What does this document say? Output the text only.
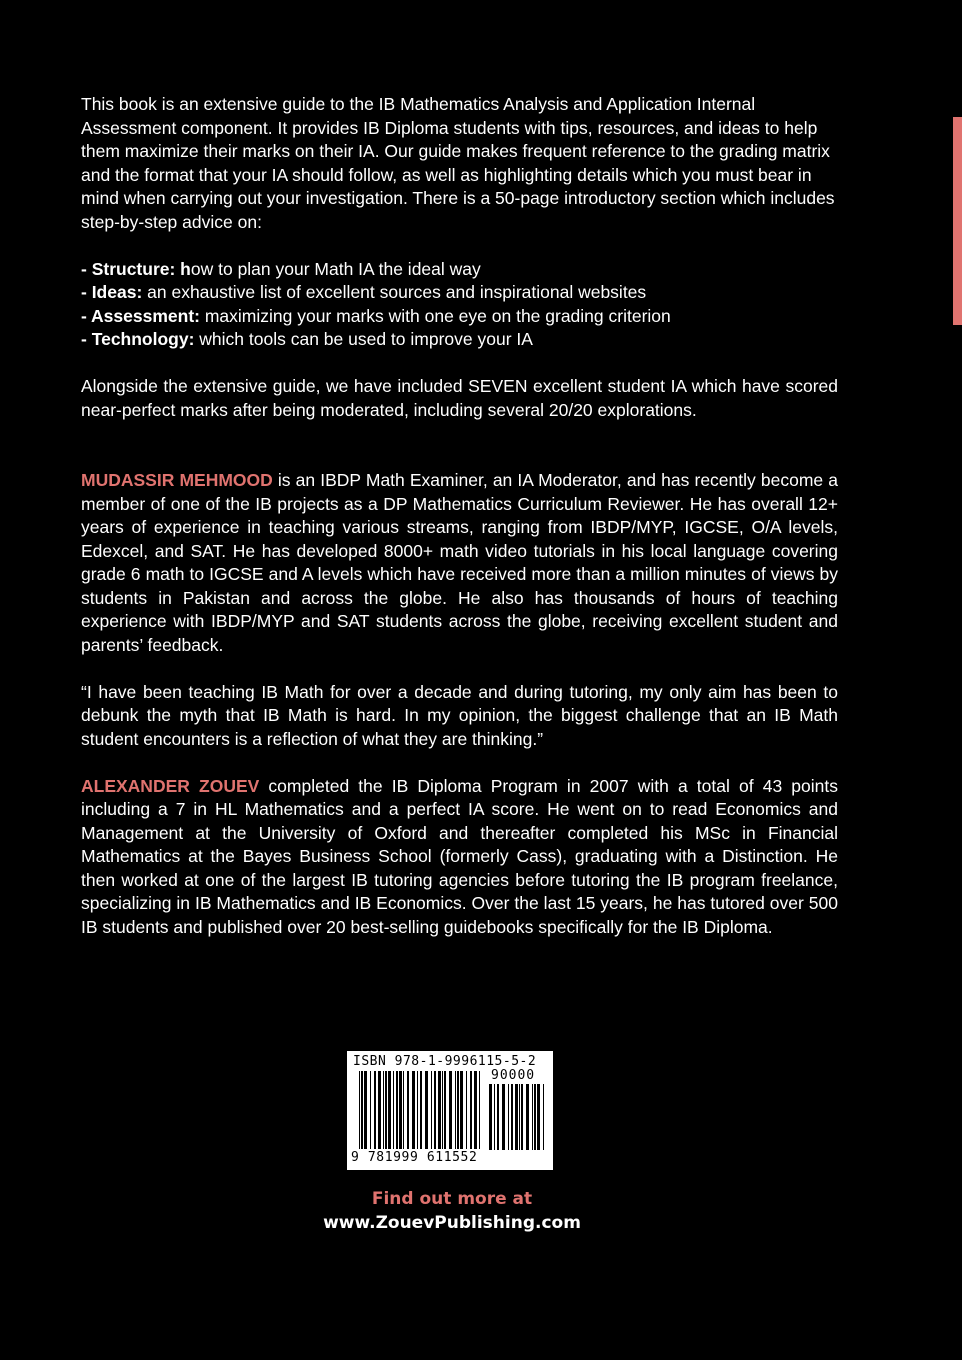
This book is an extensive guide to the IB Mathematics Analysis and Application Internal Assessment component. It provides IB Diploma students with tips, resources, and ideas to help them maximize their marks on their IA. Our guide makes frequent reference to the grading matrix and the format that your IA should follow, as well as highlighting details which you must bear in mind when carrying out your investigation. There is a 50-page introductory section which includes step-by-step advice on:

- Structure: how to plan your Math IA the ideal way

- Ideas: an exhaustive list of excellent sources and inspirational websites

- Assessment: maximizing your marks with one eye on the grading criterion

- Technology: which tools can be used to improve your IA

Alongside the extensive guide, we have included SEVEN excellent student IA which have scored near-perfect marks after being moderated, including several 20/20 explorations.

MUDASSIR MEHMOOD is an IBDP Math Examiner, an IA Moderator, and has recently become a member of one of the IB projects as a DP Mathematics Curriculum Reviewer. He has overall 12+ years of experience in teaching various streams, ranging from IBDP/MYP, IGCSE, O/A levels, Edexcel, and SAT. He has developed 8000+ math video tutorials in his local language covering grade 6 math to IGCSE and A levels which have received more than a million minutes of views by students in Pakistan and across the globe. He also has thousands of hours of teaching experience with IBDP/MYP and SAT students across the globe, receiving excellent student and parents’ feedback.

“I have been teaching IB Math for over a decade and during tutoring, my only aim has been to debunk the myth that IB Math is hard. In my opinion, the biggest challenge that an IB Math student encounters is a reflection of what they are thinking.”

ALEXANDER ZOUEV completed the IB Diploma Program in 2007 with a total of 43 points including a 7 in HL Mathematics and a perfect IA score. He went on to read Economics and Management at the University of Oxford and thereafter completed his MSc in Financial Mathematics at the Bayes Business School (formerly Cass), graduating with a Distinction. He then worked at one of the largest IB tutoring agencies before tutoring the IB program freelance, specializing in IB Mathematics and IB Economics. Over the last 15 years, he has tutored over 500 IB students and published over 20 best-selling guidebooks specifically for the IB Diploma.

ISBN 978-1-9996115-5-2
90000
9 781999 611552
Find out more at
www.ZouevPublishing.com
